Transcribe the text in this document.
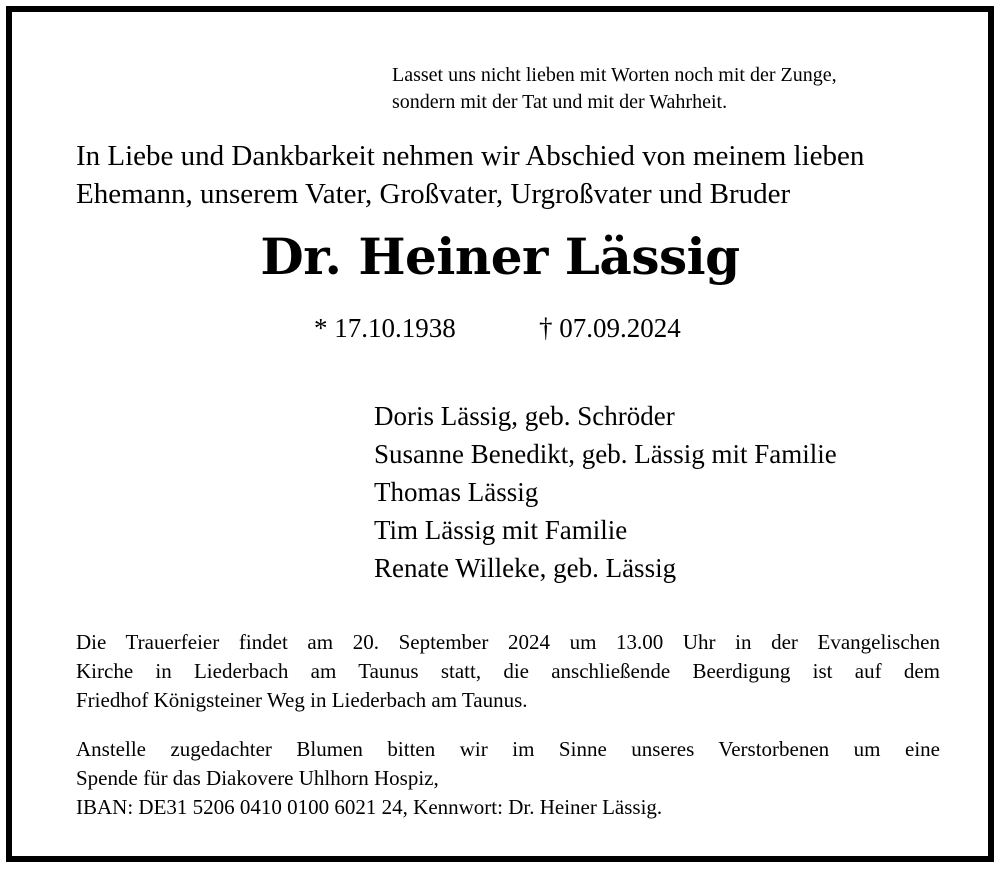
Lasset uns nicht lieben mit Worten noch mit der Zunge,
sondern mit der Tat und mit der Wahrheit.
In Liebe und Dankbarkeit nehmen wir Abschied von meinem lieben
Ehemann, unserem Vater, Großvater, Urgroßvater und Bruder
Dr. Heiner Lässig
* 17.10.1938	† 07.09.2024
Doris Lässig, geb. Schröder
Susanne Benedikt, geb. Lässig mit Familie
Thomas Lässig
Tim Lässig mit Familie
Renate Willeke, geb. Lässig
Die Trauerfeier findet am 20. September 2024 um 13.00 Uhr in der Evangelischen
Kirche in Liederbach am Taunus statt, die anschließende Beerdigung ist auf dem
Friedhof Königsteiner Weg in Liederbach am Taunus.
Anstelle zugedachter Blumen bitten wir im Sinne unseres Verstorbenen um eine
Spende für das Diakovere Uhlhorn Hospiz,
IBAN: DE31 5206 0410 0100 6021 24, Kennwort: Dr. Heiner Lässig.
